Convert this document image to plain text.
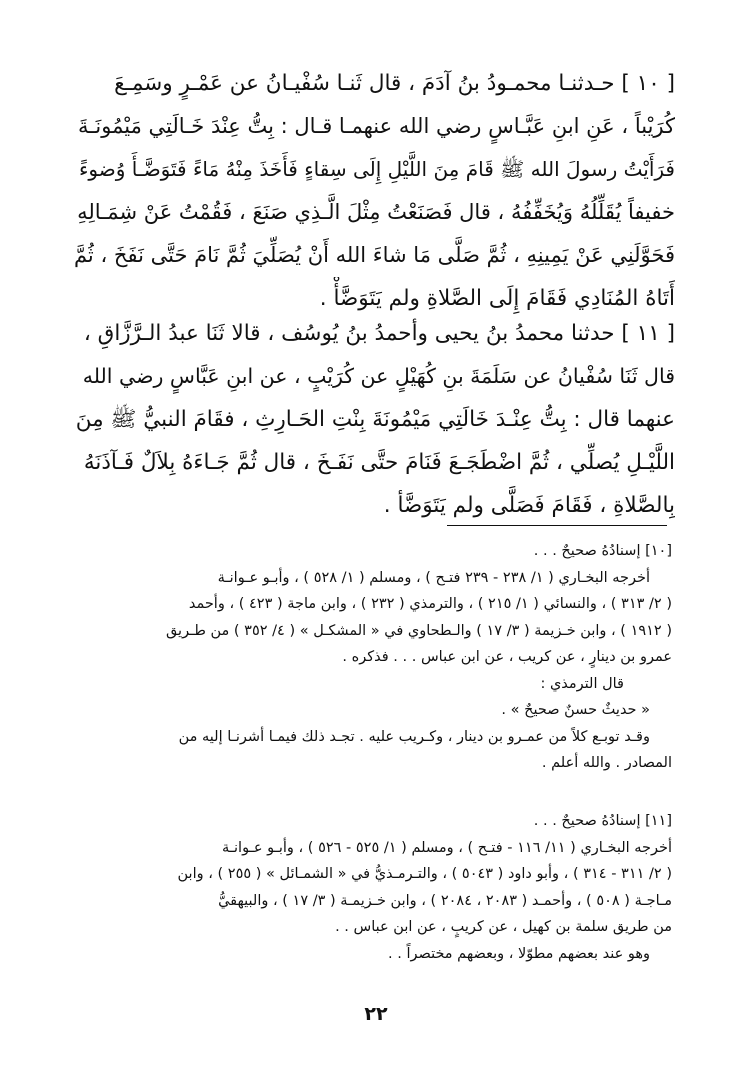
[ ١٠ ] حـدثنـا محمـودُ بنُ آدَمَ ، قال ثَنـا سُفْيـانُ عن عَمْـرٍ وسَمِـعَ
كُرَيْباً ، عَنِ ابنِ عَبَّـاسٍ رضي الله عنهمـا قـال : بِتُّ عِنْدَ خَـالَتِي مَيْمُونَـةَ
فَرَأَيْتُ رسولَ الله ﷺ قَامَ مِنَ اللَّيْلِ إِلَى سِقاءٍ فَأَخَذَ مِنْهُ مَاءً فَتَوَضَّـأَ وُضوءً
خفيفاً يُقَلِّلُهُ وَيُخَفِّفُهُ ، قال فَصَنَعْتُ مِثْلَ الَّـذِي صَنَعَ ، فَقُمْتُ عَنْ شِمَـالِهِ
فَحَوَّلَنِي عَنْ يَمِينِهِ ، ثُمَّ صَلَّى مَا شاءَ الله أَنْ يُصَلِّيَ ثُمَّ نَامَ حَتَّى نَفَخَ ، ثُمَّ
أَتَاهُ المُنَادِي فَقَامَ إِلَى الصَّلاةِ ولم يَتَوَضَّأْ .
[ ١١ ] حدثنا محمدُ بنُ يحيى وأحمدُ بنُ يُوسُف ، قالا ثَنَا عبدُ الـرَّزَّاقِ ،
قال ثَنَا سُفْيانُ عن سَلَمَةَ بنِ كُهَيْلٍ عن كُرَيْبٍ ، عن ابنِ عَبَّاسٍ رضي الله
عنهما قال : بِتُّ عِنْـدَ خَالَتِي مَيْمُونَةَ بِنْتِ الحَـارِثِ ، فقَامَ النبيُّ ﷺ مِنَ
اللَّيْـلِ يُصلِّي ، ثُمَّ اضْطَجَـعَ فَنَامَ حتَّى نَفَـخَ ، قال ثُمَّ جَـاءَهُ بِلاَلٌ فَـآذَنَهُ
بِالصَّلاةِ ، فَقَامَ فَصَلَّى ولم يَتَوَضَّأ .
[١٠] إسنادُهُ صحيحٌ . . .
أخرجه البخـاري ( ١/ ٢٣٨ - ٢٣٩ فتـح ) ، ومسلم ( ١/ ٥٢٨ ) ، وأبـو عـوانـة
( ٢/ ٣١٣ ) ، والنسائي ( ١/ ٢١٥ ) ، والترمذي ( ٢٣٢ ) ، وابن ماجة ( ٤٢٣ ) ، وأحمد
( ١٩١٢ ) ، وابن خـزيمة ( ٣/ ١٧ ) والـطحاوي في « المشكـل » ( ٤/ ٣٥٢ ) من طـريق
عمرو بن دينارٍ ، عن كريب ، عن ابن عباس . . . فذكره .
قال الترمذي :
« حديثٌ حسنٌ صحيحٌ » .
وقـد توبـع كلاً من عمـرو بن دينار ، وكـريب عليه . تجـد ذلك فيمـا أشرنـا إليه من
المصادر . والله أعلم .
[١١] إسنادُهُ صحيحٌ . . .
أخرجه البخـاري ( ١١/ ١١٦ - فتـح ) ، ومسلم ( ١/ ٥٢٥ - ٥٢٦ ) ، وأبـو عـوانـة
( ٢/ ٣١١ - ٣١٤ ) ، وأبو داود ( ٥٠٤٣ ) ، والتـرمـذيُّ في « الشمـائل » ( ٢٥٥ ) ، وابن
مـاجـة ( ٥٠٨ ) ، وأحمـد ( ٢٠٨٣ ، ٢٠٨٤ ) ، وابن خـزيمـة ( ٣/ ١٧ ) ، والبيهقيُّ
من طريق سلمة بن كهيل ، عن كريبٍ ، عن ابن عباس . .
وهو عند بعضهم مطوّلا ، وبعضهم مختصراً . .
٢٢
